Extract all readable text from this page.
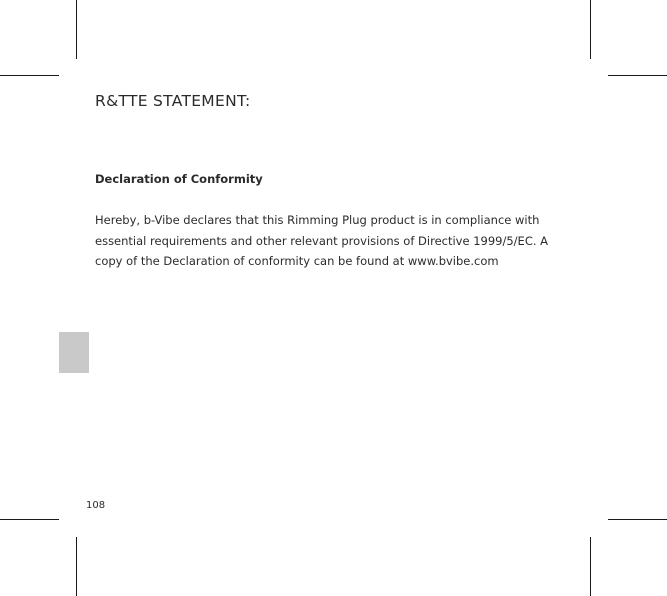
R&TTE STATEMENT:
Declaration of Conformity

Hereby, b-Vibe declares that this Rimming Plug product is in compliance with
essential requirements and other relevant provisions of Directive 1999/5/EC. A
copy of the Declaration of conformity can be found at www.bvibe.com

108
